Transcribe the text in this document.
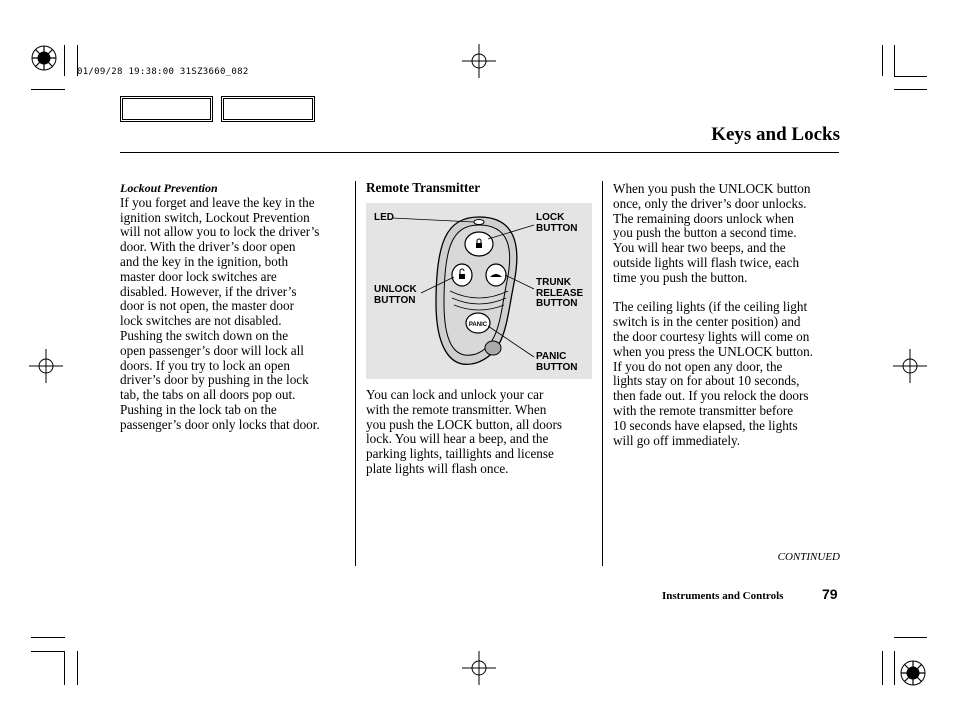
01/09/28 19:38:00 31SZ3660_082
Keys and Locks

Lockout Prevention

If you forget and leave the key in the

ignition switch, Lockout Prevention

will not allow you to lock the driver’s

door. With the driver’s door open

and the key in the ignition, both

master door lock switches are

disabled. However, if the driver’s

door is not open, the master door

lock switches are not disabled.

Pushing the switch down on the

open passenger’s door will lock all

doors. If you try to lock an open

driver’s door by pushing in the lock

tab, the tabs on all doors pop out.

Pushing in the lock tab on the

passenger’s door only locks that door.

Remote Transmitter
PANIC
LED	LOCK
BUTTON
UNLOCK
BUTTON
TRUNK
RELEASE
BUTTON
PANIC
BUTTON

You can lock and unlock your car

with the remote transmitter. When

you push the LOCK button, all doors

lock. You will hear a beep, and the

parking lights, taillights and license

plate lights will flash once.

When you push the UNLOCK button

once, only the driver’s door unlocks.

The remaining doors unlock when

you push the button a second time.

You will hear two beeps, and the

outside lights will flash twice, each

time you push the button.

The ceiling lights (if the ceiling light

switch is in the center position) and

the door courtesy lights will come on

when you press the UNLOCK button.

If you do not open any door, the

lights stay on for about 10 seconds,

then fade out. If you relock the doors

with the remote transmitter before

10 seconds have elapsed, the lights

will go off immediately.

CONTINUED
Instruments and Controls	79
